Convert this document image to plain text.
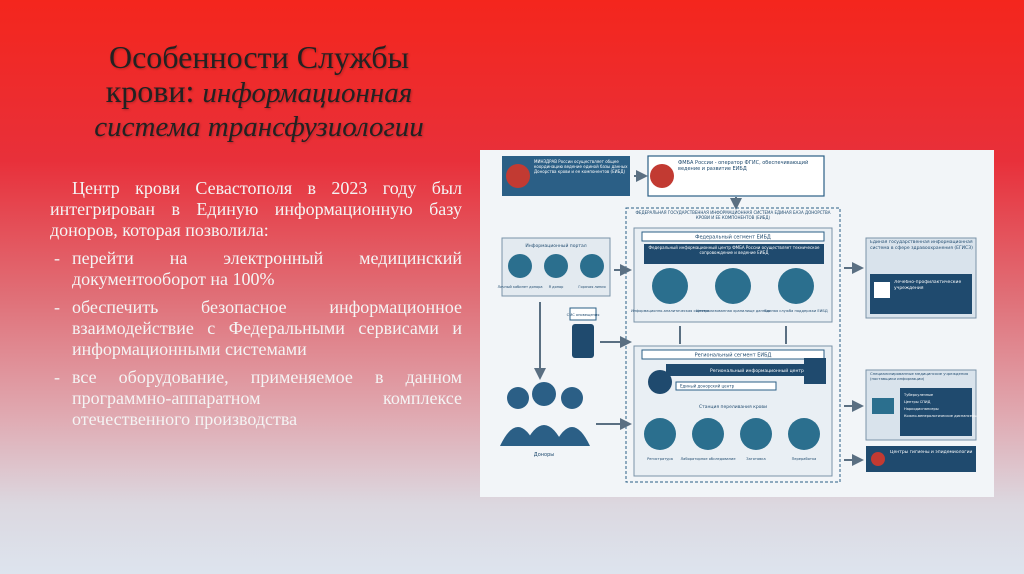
Особенности Службы
крови: информационная
система трансфузиологии

Центр крови Севастополя в 2023 году был интегрирован в Единую информационную базу доноров, которая позволила:

- перейти на электронный медицинский документооборот на 100%
- обеспечить безопасное информационное взаимодействие с Федеральными сервисами и информационными системами
- все оборудование, применяемое в данном программно-аппаратном комплексе отечественного производства
МИНЗДРАВ России осуществляет общее координацию ведение единой базы данных Донорства крови и ее компонентов (ЕИБД)
ФМБА России - оператор ФГИС, обеспечивающий ведение и развитие ЕИБД
ФЕДЕРАЛЬНАЯ ГОСУДАРСТВЕННАЯ ИНФОРМАЦИОННАЯ СИСТЕМА ЕДИНАЯ БАЗА ДОНОРСТВА КРОВИ И ЕЕ КОМПОНЕНТОВ (ЕИБД)
Федеральный сегмент ЕИБД
Федеральный информационный центр ФМБА России осуществляет техническое сопровождение и ведение ЕИБД
Информационно-аналитическая система
Централизованная хранилище данных
Единая служба поддержки ЕИБД
Региональный сегмент ЕИБД
Региональный информационный центр
Единый донорский центр
Станция переливания крови
Регистратура Лабораторное обследование	Заготовка	Переработка
Информационный портал
Личный кабинет донора Я донор	Горячая линия
СМС оповещения
Доноры
Единая государственная информационная система в сфере здравоохранения (ЕГИСЗ)
Лечебно-профилактические учреждения
Специализированные медицинские учреждения (поставщики информации)
Туберкулезные
Центры СПИД
Наркодиспансеры
Кожно-венерологические диспансеры
Центры гигиены и эпидемиологии
